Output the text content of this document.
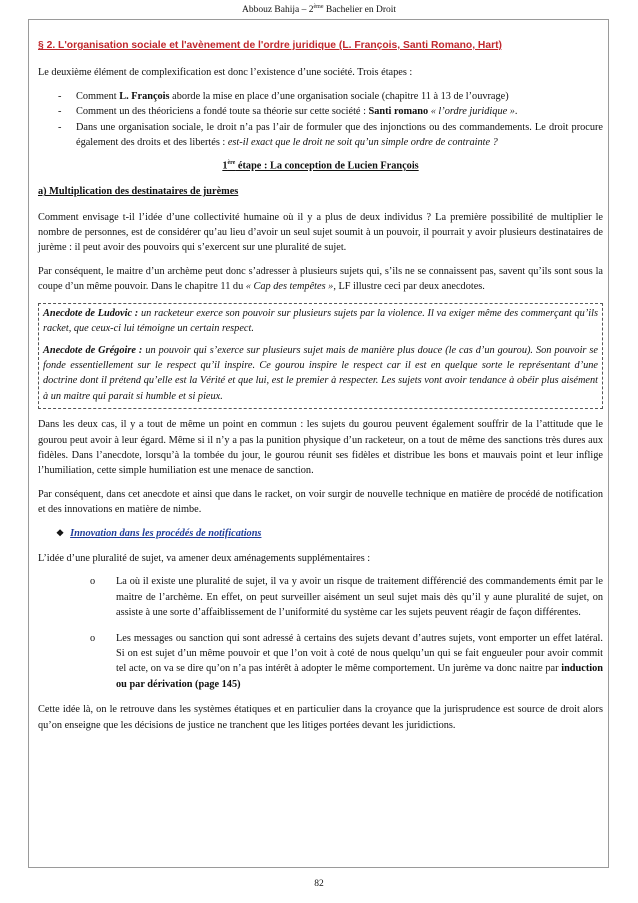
Abbouz Bahija – 2ème Bachelier en Droit
§ 2. L'organisation sociale et l'avènement de l'ordre juridique (L. François, Santi Romano, Hart)

Le deuxième élément de complexification est donc l’existence d’une société. Trois étapes :

- Comment L. François aborde la mise en place d’une organisation sociale (chapitre 11 à 13 de l’ouvrage)
- Comment un des théoriciens a fondé toute sa théorie sur cette société : Santi romano « l’ordre juridique ».
- Dans une organisation sociale, le droit n’a pas l’air de formuler que des injonctions ou des commandements. Le droit procure également des droits et des libertés : est-il exact que le droit ne soit qu’un simple ordre de contrainte ?
1ère étape : La conception de Lucien François
a) Multiplication des destinataires de jurèmes

Comment envisage t-il l’idée d’une collectivité humaine où il y a plus de deux individus ? La première possibilité de multiplier le nombre de personnes, est de considérer qu’au lieu d’avoir un seul sujet soumit à un pouvoir, il pourrait y avoir plusieurs destinataires de jurème : il peut avoir des pouvoirs qui s’exercent sur une pluralité de sujet.

Par conséquent, le maitre d’un archème peut donc s’adresser à plusieurs sujets qui, s’ils ne se connaissent pas, savent qu’ils sont sous la coupe d’un même pouvoir. Dans le chapitre 11 du « Cap des tempêtes », LF illustre ceci par deux anecdotes.

Anecdote de Ludovic : un racketeur exerce son pouvoir sur plusieurs sujets par la violence. Il va exiger même des commerçant qu’ils racket, que ceux-ci lui témoigne un certain respect.

Anecdote de Grégoire : un pouvoir qui s’exerce sur plusieurs sujet mais de manière plus douce (le cas d’un gourou). Son pouvoir se fonde essentiellement sur le respect qu’il inspire. Ce gourou inspire le respect car il est en quelque sorte le représentant d’une doctrine dont il prétend qu’elle est la Vérité et que lui, est le premier à respecter. Les sujets vont avoir tendance à obéir plus aisément à un maitre qui parait si humble et si pieux.

Dans les deux cas, il y a tout de même un point en commun : les sujets du gourou peuvent également souffrir de la l’attitude que le gourou peut avoir à leur égard. Même si il n’y a pas la punition physique d’un racketeur, on a tout de même des sanctions très dures aux fidèles. Dans l’anecdote, lorsqu’à la tombée du jour, le gourou réunit ses fidèles et distribue les bons et mauvais point et leur inflige l’humiliation, cette simple humiliation est une menace de sanction.

Par conséquent, dans cet anecdote et ainsi que dans le racket, on voir surgir de nouvelle technique en matière de procédé de notification et des innovations en matière de nimbe.

❖ Innovation dans les procédés de notifications

L’idée d’une pluralité de sujet, va amener deux aménagements supplémentaires :

o La où il existe une pluralité de sujet, il va y avoir un risque de traitement différencié des commandements émit par le maitre de l’archème. En effet, on peut surveiller aisément un seul sujet mais dès qu’il y aune pluralité de sujet, on assiste à une sorte d’affaiblissement de l’uniformité du système car les sujets peuvent réagir de façon différentes.
o Les messages ou sanction qui sont adressé à certains des sujets devant d’autres sujets, vont emporter un effet latéral. Si on est sujet d’un même pouvoir et que l’on voit à coté de nous quelqu’un qui se fait engueuler pour avoir commit tel acte, on va se dire qu’on n’a pas intérêt à adopter le même comportement. Un jurème va donc naitre par induction ou par dérivation (page 145)

Cette idée là, on le retrouve dans les systèmes étatiques et en particulier dans la croyance que la jurisprudence est source de droit alors qu’on enseigne que les décisions de justice ne tranchent que les litiges portées devant les juridictions.

82
